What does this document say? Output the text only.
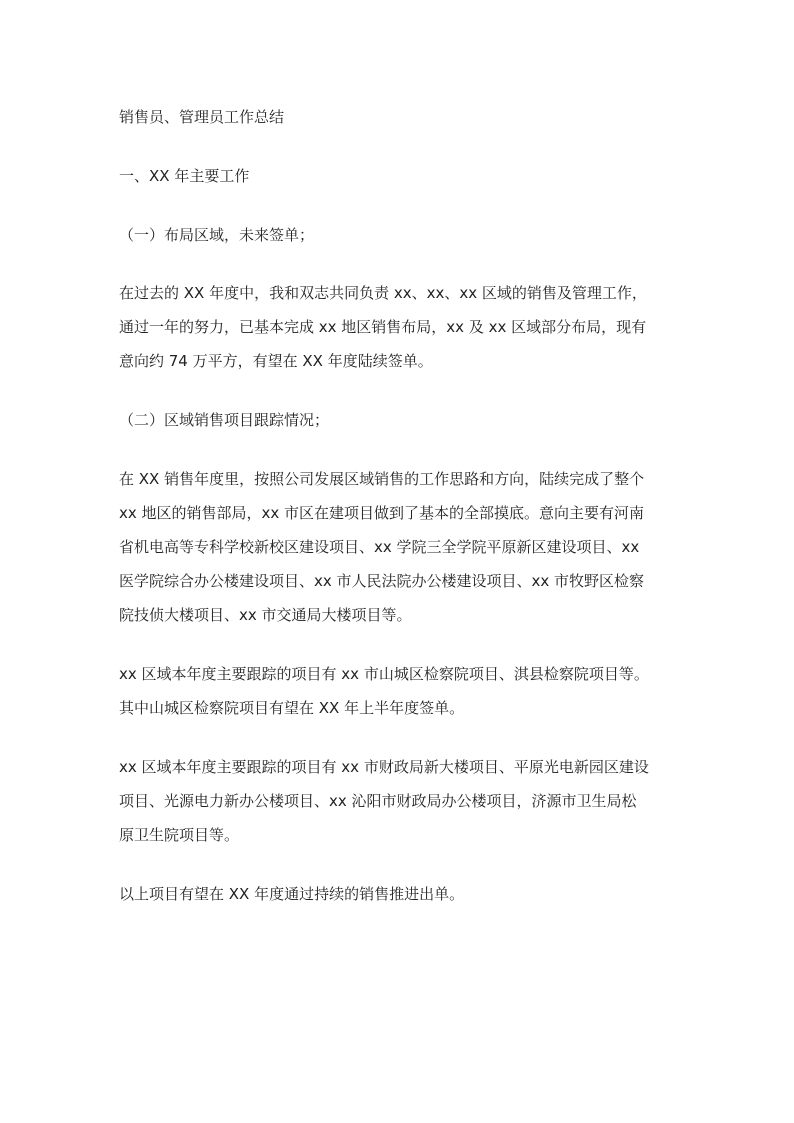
销售员、管理员工作总结
一、XX 年主要工作
（一）布局区域，未来签单；
在过去的 XX 年度中，我和双志共同负责 xx、xx、xx 区域的销售及管理工作，
通过一年的努力，已基本完成 xx 地区销售布局，xx 及 xx 区域部分布局，现有
意向约 74 万平方，有望在 XX 年度陆续签单。
（二）区域销售项目跟踪情况；
在 XX 销售年度里，按照公司发展区域销售的工作思路和方向，陆续完成了整个
xx 地区的销售部局，xx 市区在建项目做到了基本的全部摸底。意向主要有河南
省机电高等专科学校新校区建设项目、xx 学院三全学院平原新区建设项目、xx
医学院综合办公楼建设项目、xx 市人民法院办公楼建设项目、xx 市牧野区检察
院技侦大楼项目、xx 市交通局大楼项目等。
xx 区域本年度主要跟踪的项目有 xx 市山城区检察院项目、淇县检察院项目等。
其中山城区检察院项目有望在 XX 年上半年度签单。
xx 区域本年度主要跟踪的项目有 xx 市财政局新大楼项目、平原光电新园区建设
项目、光源电力新办公楼项目、xx 沁阳市财政局办公楼项目，济源市卫生局松
原卫生院项目等。
以上项目有望在 XX 年度通过持续的销售推进出单。
